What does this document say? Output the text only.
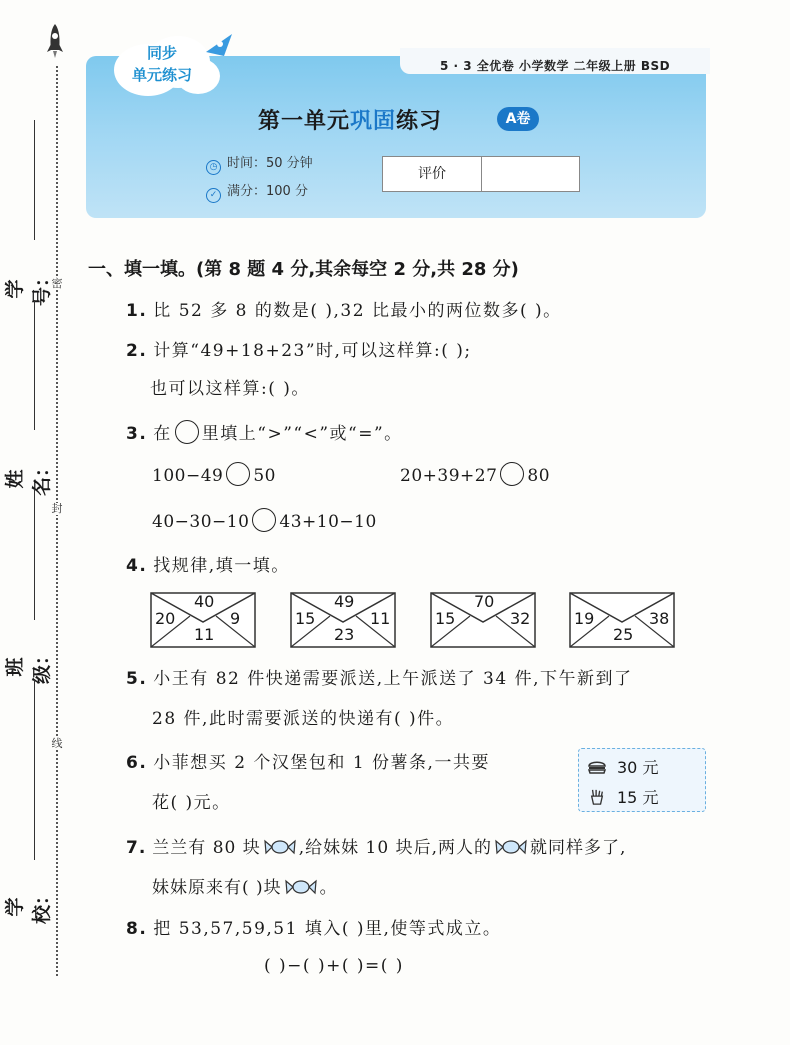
密
封
线
学号：
姓名：
班级：
学校：
5 · 3 全优卷 小学数学 二年级上册 BSD
同步
单元练习
第一单元巩固练习	A卷
◷ 时间：50 分钟
✓ 满分：100 分
评价
一、填一填。(第 8 题 4 分,其余每空 2 分,共 28 分)
1. 比 52 多 8 的数是( ),32 比最小的两位数多( )。
2. 计算“49+18+23”时,可以这样算:( );
也可以这样算:( )。
3. 在 里填上“>”“<”或“=”。
100−49 50	20+39+27 80
40−30−10 43+10−10
4. 找规律,填一填。
40
20	9
11
49
15	11
23
70
15	32	19	38
25
5. 小王有 82 件快递需要派送,上午派送了 34 件,下午新到了
28 件,此时需要派送的快递有( )件。
6. 小菲想买 2 个汉堡包和 1 份薯条,一共要
花( )元。
30 元
15 元
7. 兰兰有 80 块 ,给妹妹 10 块后,两人的 就同样多了,
妹妹原来有( )块 。
8. 把 53,57,59,51 填入( )里,使等式成立。
( )−( )+( )=( )
